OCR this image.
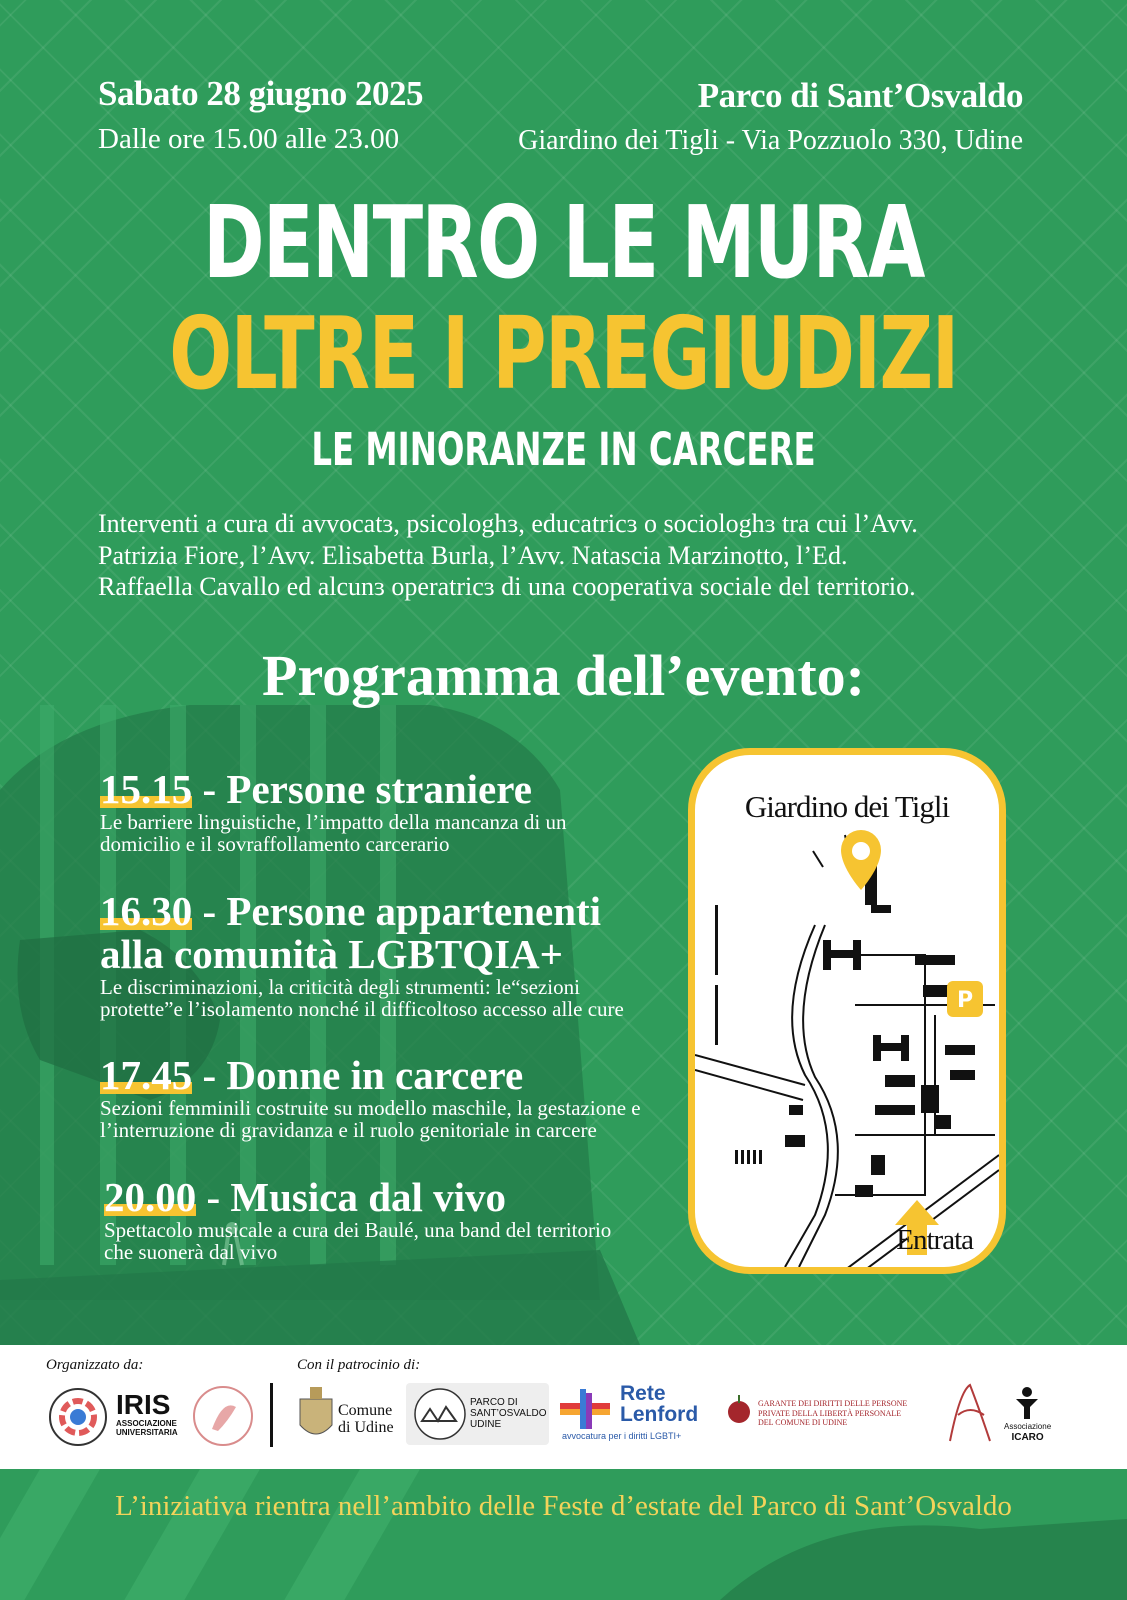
Sabato 28 giugno 2025
Dalle ore 15.00 alle 23.00
Parco di Sant’Osvaldo
Giardino dei Tigli - Via Pozzuolo 330, Udine
DENTRO LE MURA
OLTRE I PREGIUDIZI
LE MINORANZE IN CARCERE
Interventi a cura di avvocatɜ, psicologhɜ, educatricɜ o sociologhɜ tra cui l’Avv.
Patrizia Fiore, l’Avv. Elisabetta Burla, l’Avv. Natascia Marzinotto, l’Ed.
Raffaella Cavallo ed alcunɜ operatricɜ di una cooperativa sociale del territorio.
Programma dell’evento:
15.15 - Persone straniere
Le barriere linguistiche, l’impatto della mancanza di un
domicilio e il sovraffollamento carcerario
16.30 - Persone appartenenti
alla comunità LGBTQIA+
Le discriminazioni, la criticità degli strumenti: le“sezioni
protette”e l’isolamento nonché il difficoltoso accesso alle cure
17.45 - Donne in carcere
Sezioni femminili costruite su modello maschile, la gestazione e
l’interruzione di gravidanza e il ruolo genitoriale in carcere
20.00 - Musica dal vivo
Spettacolo musicale a cura dei Baulé, una band del territorio
che suonerà dal vivo
Giardino dei Tigli
P
Entrata
Organizzato da:	Con il patrocinio di:
IRIS
ASSOCIAZIONE
UNIVERSITARIA
Comune
di Udine
PARCO DI
SANT’OSVALDO
UDINE
Rete
Lenford
avvocatura per i diritti LGBTI+
GARANTE DEI DIRITTI DELLE PERSONE
PRIVATE DELLA LIBERTÀ PERSONALE
DEL COMUNE DI UDINE	Associazione
ICARO
L’iniziativa rientra nell’ambito delle Feste d’estate del Parco di Sant’Osvaldo
